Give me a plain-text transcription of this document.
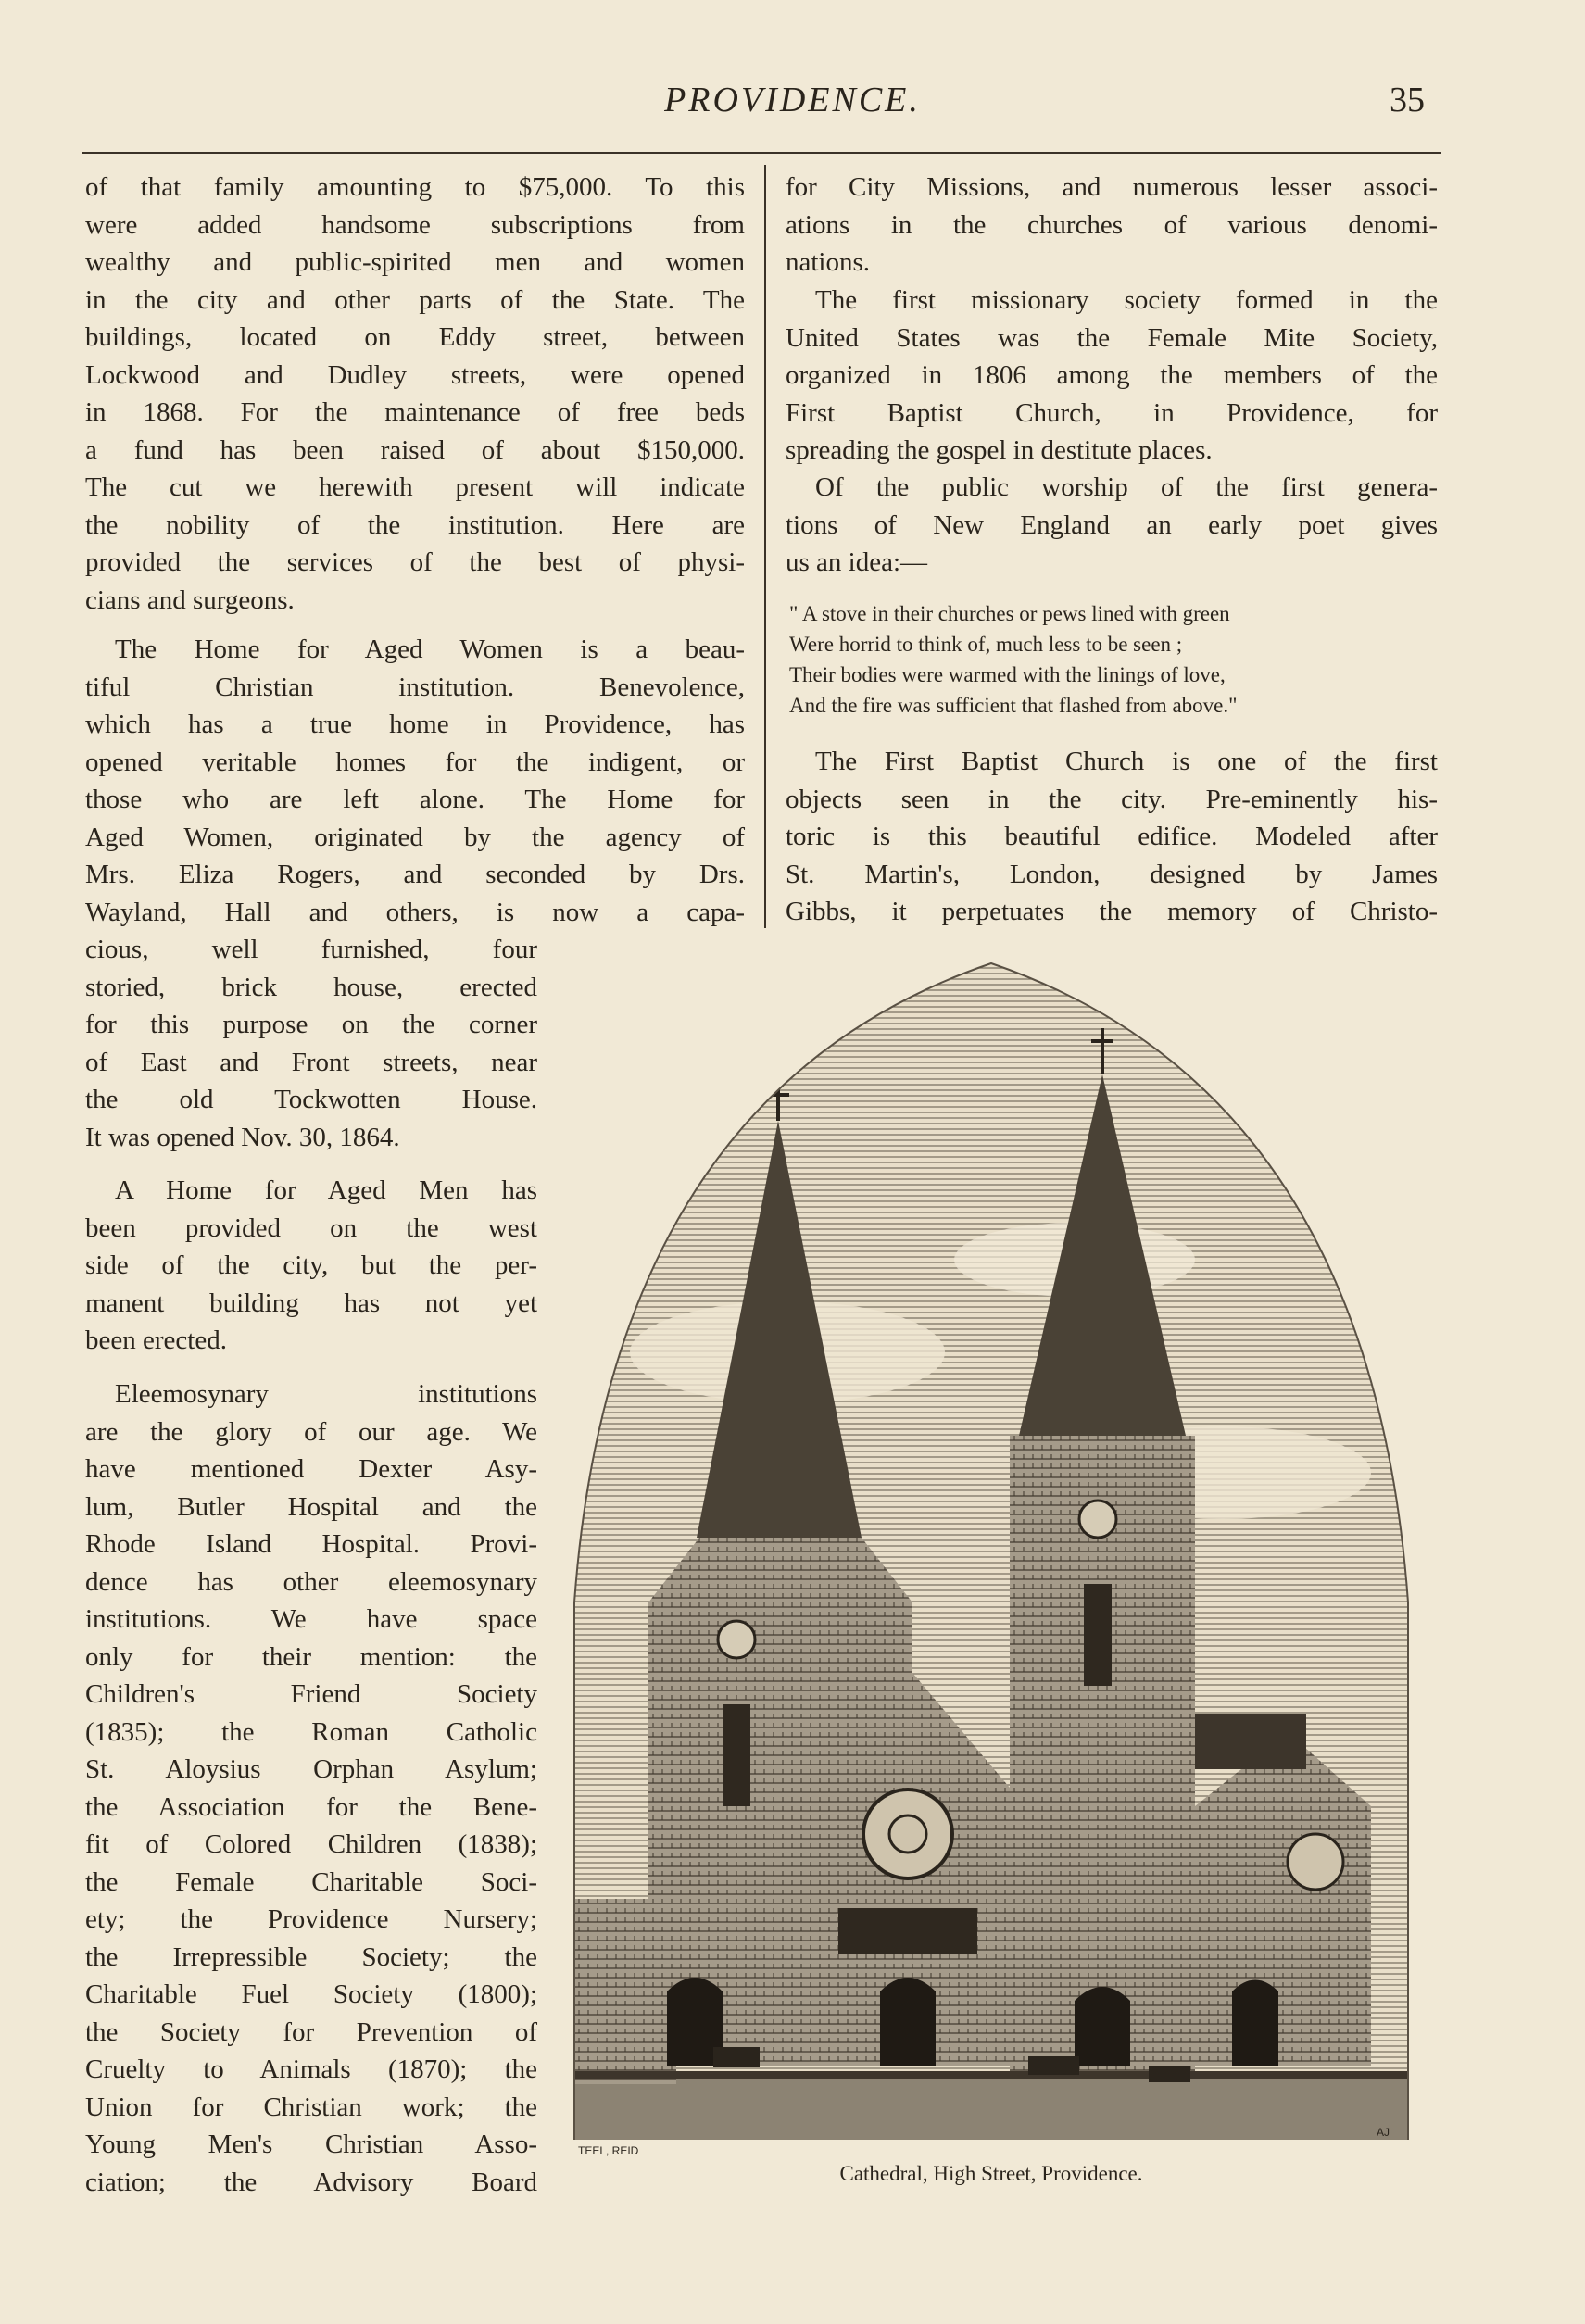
PROVIDENCE.	35

of that family amounting to $75,000. To this

were added handsome subscriptions from

wealthy and public-spirited men and women

in the city and other parts of the State. The

buildings, located on Eddy street, between

Lockwood and Dudley streets, were opened

in 1868. For the maintenance of free beds

a fund has been raised of about $150,000.

The cut we herewith present will indicate

the nobility of the institution. Here are

provided the services of the best of physi-

cians and surgeons.

The Home for Aged Women is a beau-

tiful Christian institution. Benevolence,

which has a true home in Providence, has

opened veritable homes for the indigent, or

those who are left alone. The Home for

Aged Women, originated by the agency of

Mrs. Eliza Rogers, and seconded by Drs.

Wayland, Hall and others, is now a capa-

cious, well furnished, four

storied, brick house, erected

for this purpose on the corner

of East and Front streets, near

the old Tockwotten House.

It was opened Nov. 30, 1864.

A Home for Aged Men has

been provided on the west

side of the city, but the per-

manent building has not yet

been erected.

Eleemosynary institutions

are the glory of our age. We

have mentioned Dexter Asy-

lum, Butler Hospital and the

Rhode Island Hospital. Provi-

dence has other eleemosynary

institutions. We have space

only for their mention: the

Children's Friend Society

(1835); the Roman Catholic

St. Aloysius Orphan Asylum;

the Association for the Bene-

fit of Colored Children (1838);

the Female Charitable Soci-

ety; the Providence Nursery;

the Irrepressible Society; the

Charitable Fuel Society (1800);

the Society for Prevention of

Cruelty to Animals (1870); the

Union for Christian work; the

Young Men's Christian Asso-

ciation; the Advisory Board

for City Missions, and numerous lesser associ-

ations in the churches of various denomi-

nations.

The first missionary society formed in the

United States was the Female Mite Society,

organized in 1806 among the members of the

First Baptist Church, in Providence, for

spreading the gospel in destitute places.

Of the public worship of the first genera-

tions of New England an early poet gives

us an idea:—

" A stove in their churches or pews lined with green

Were horrid to think of, much less to be seen ;

Their bodies were warmed with the linings of love,

And the fire was sufficient that flashed from above."

The First Baptist Church is one of the first

objects seen in the city. Pre-eminently his-

toric is this beautiful edifice. Modeled after

St. Martin's, London, designed by James

Gibbs, it perpetuates the memory of Christo-

TEEL, REID
AJ
Cathedral, High Street, Providence.
